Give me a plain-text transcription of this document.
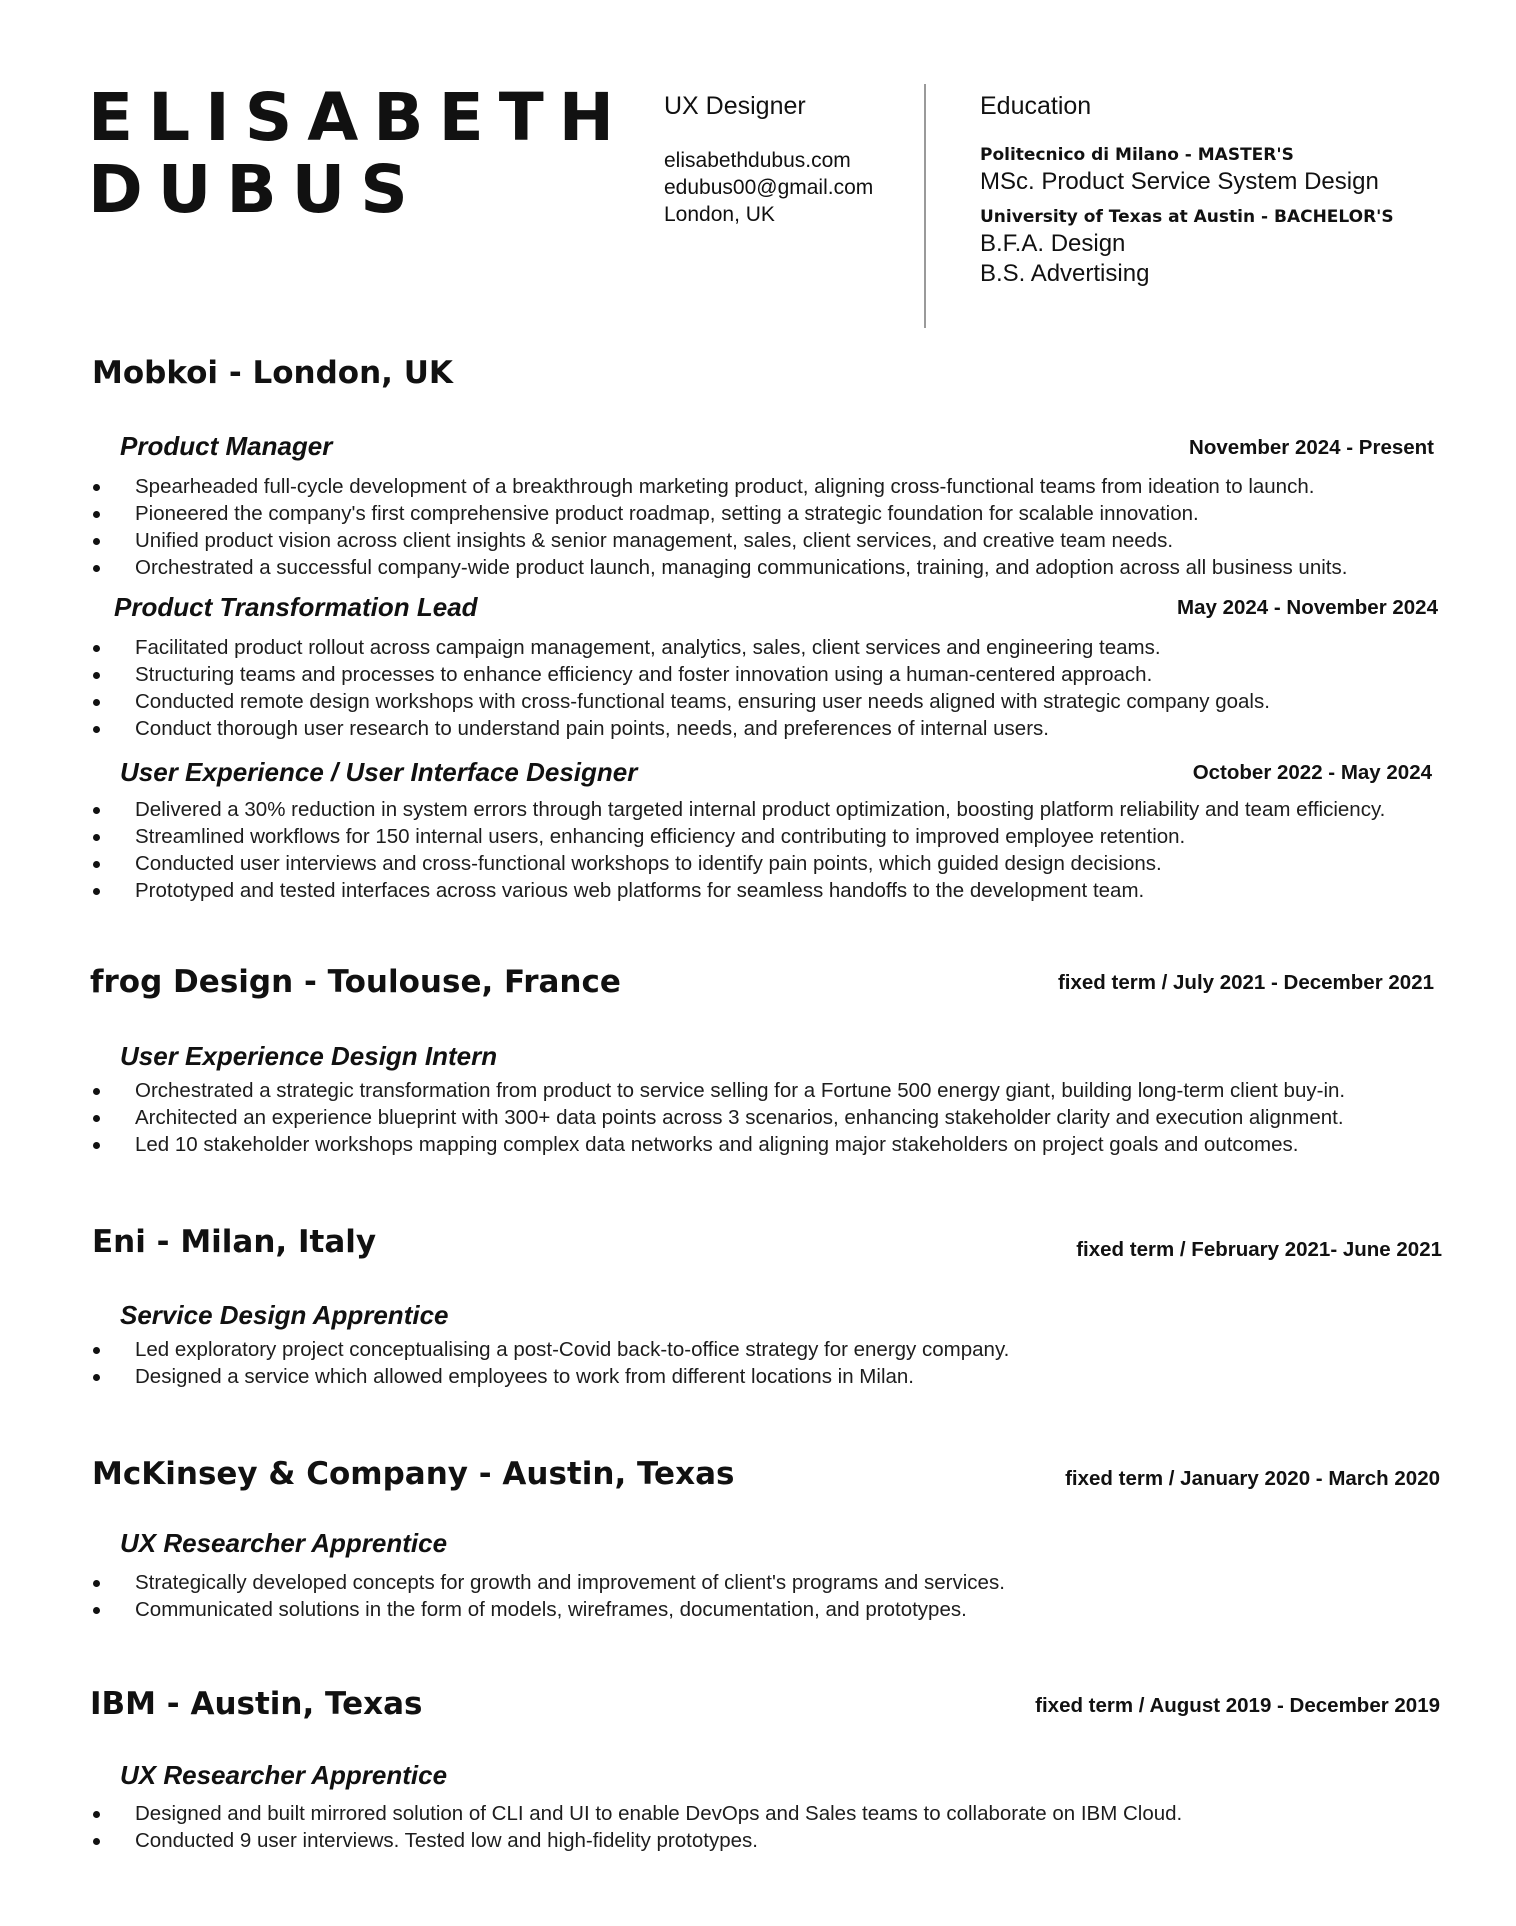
ELISABETH
DUBUS
UX Designer
elisabethdubus.com
edubus00@gmail.com
London, UK
Education
Politecnico di Milano - MASTER'S
MSc. Product Service System Design
University of Texas at Austin - BACHELOR'S
B.F.A. Design
B.S. Advertising
Mobkoi - London, UK
Product Manager	November 2024 - Present
Spearheaded full-cycle development of a breakthrough marketing product, aligning cross-functional teams from ideation to launch.
Pioneered the company's first comprehensive product roadmap, setting a strategic foundation for scalable innovation.
Unified product vision across client insights & senior management, sales, client services, and creative team needs.
Orchestrated a successful company-wide product launch, managing communications, training, and adoption across all business units.
Product Transformation Lead	May 2024 - November 2024
Facilitated product rollout across campaign management, analytics, sales, client services and engineering teams.
Structuring teams and processes to enhance efficiency and foster innovation using a human-centered approach.
Conducted remote design workshops with cross-functional teams, ensuring user needs aligned with strategic company goals.
Conduct thorough user research to understand pain points, needs, and preferences of internal users.
User Experience / User Interface Designer	October 2022 - May 2024
Delivered a 30% reduction in system errors through targeted internal product optimization, boosting platform reliability and team efficiency.
Streamlined workflows for 150 internal users, enhancing efficiency and contributing to improved employee retention.
Conducted user interviews and cross-functional workshops to identify pain points, which guided design decisions.
Prototyped and tested interfaces across various web platforms for seamless handoffs to the development team.
frog Design - Toulouse, France	fixed term / July 2021 - December 2021
User Experience Design Intern
Orchestrated a strategic transformation from product to service selling for a Fortune 500 energy giant, building long-term client buy-in.
Architected an experience blueprint with 300+ data points across 3 scenarios, enhancing stakeholder clarity and execution alignment.
Led 10 stakeholder workshops mapping complex data networks and aligning major stakeholders on project goals and outcomes.
Eni - Milan, Italy	fixed term / February 2021- June 2021
Service Design Apprentice
Led exploratory project conceptualising a post-Covid back-to-office strategy for energy company.
Designed a service which allowed employees to work from different locations in Milan.
McKinsey & Company - Austin, Texas	fixed term / January 2020 - March 2020
UX Researcher Apprentice
Strategically developed concepts for growth and improvement of client's programs and services.
Communicated solutions in the form of models, wireframes, documentation, and prototypes.
IBM - Austin, Texas	fixed term / August 2019 - December 2019
UX Researcher Apprentice
Designed and built mirrored solution of CLI and UI to enable DevOps and Sales teams to collaborate on IBM Cloud.
Conducted 9 user interviews. Tested low and high-fidelity prototypes.
